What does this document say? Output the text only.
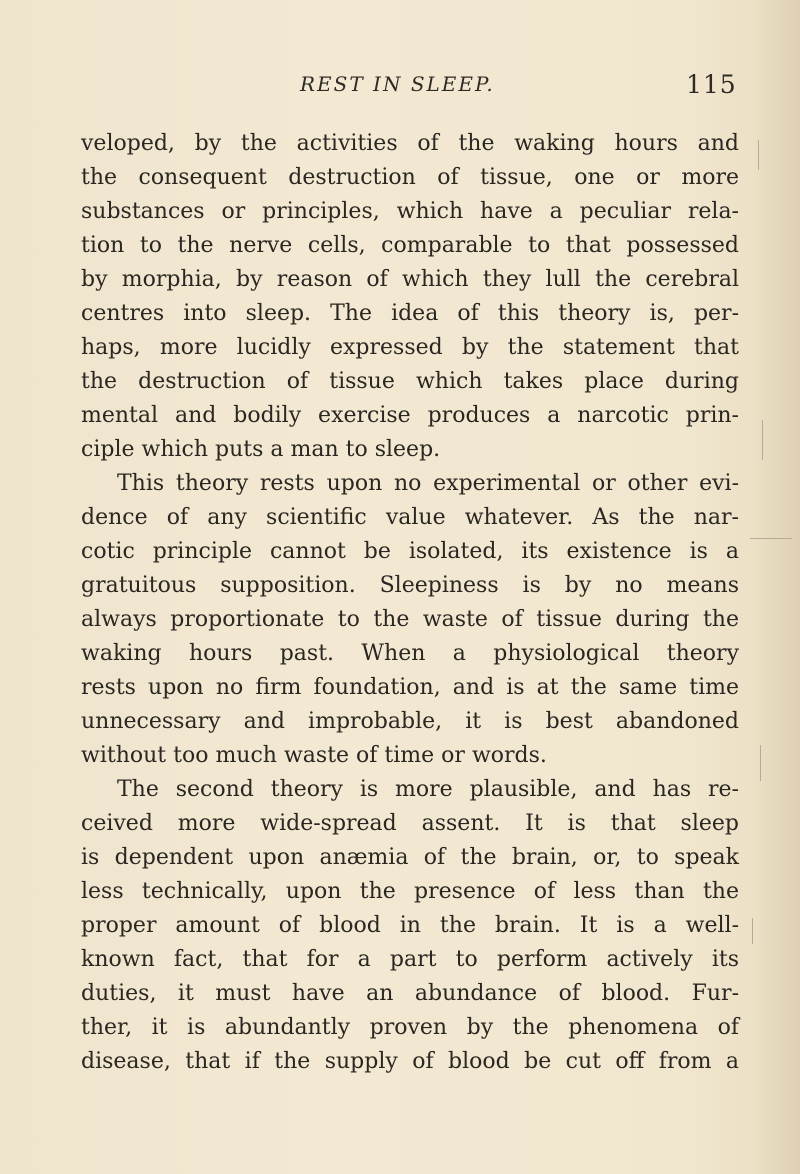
REST IN SLEEP.	115
veloped, by the activities of the waking hours and
the consequent destruction of tissue, one or more
substances or principles, which have a peculiar rela-
tion to the nerve cells, comparable to that possessed
by morphia, by reason of which they lull the cerebral
centres into sleep. The idea of this theory is, per-
haps, more lucidly expressed by the statement that
the destruction of tissue which takes place during
mental and bodily exercise produces a narcotic prin-
ciple which puts a man to sleep.
This theory rests upon no experimental or other evi-
dence of any scientific value whatever. As the nar-
cotic principle cannot be isolated, its existence is a
gratuitous supposition. Sleepiness is by no means
always proportionate to the waste of tissue during the
waking hours past. When a physiological theory
rests upon no firm foundation, and is at the same time
unnecessary and improbable, it is best abandoned
without too much waste of time or words.
The second theory is more plausible, and has re-
ceived more wide-spread assent. It is that sleep
is dependent upon anæmia of the brain, or, to speak
less technically, upon the presence of less than the
proper amount of blood in the brain. It is a well-
known fact, that for a part to perform actively its
duties, it must have an abundance of blood. Fur-
ther, it is abundantly proven by the phenomena of
disease, that if the supply of blood be cut off from a
